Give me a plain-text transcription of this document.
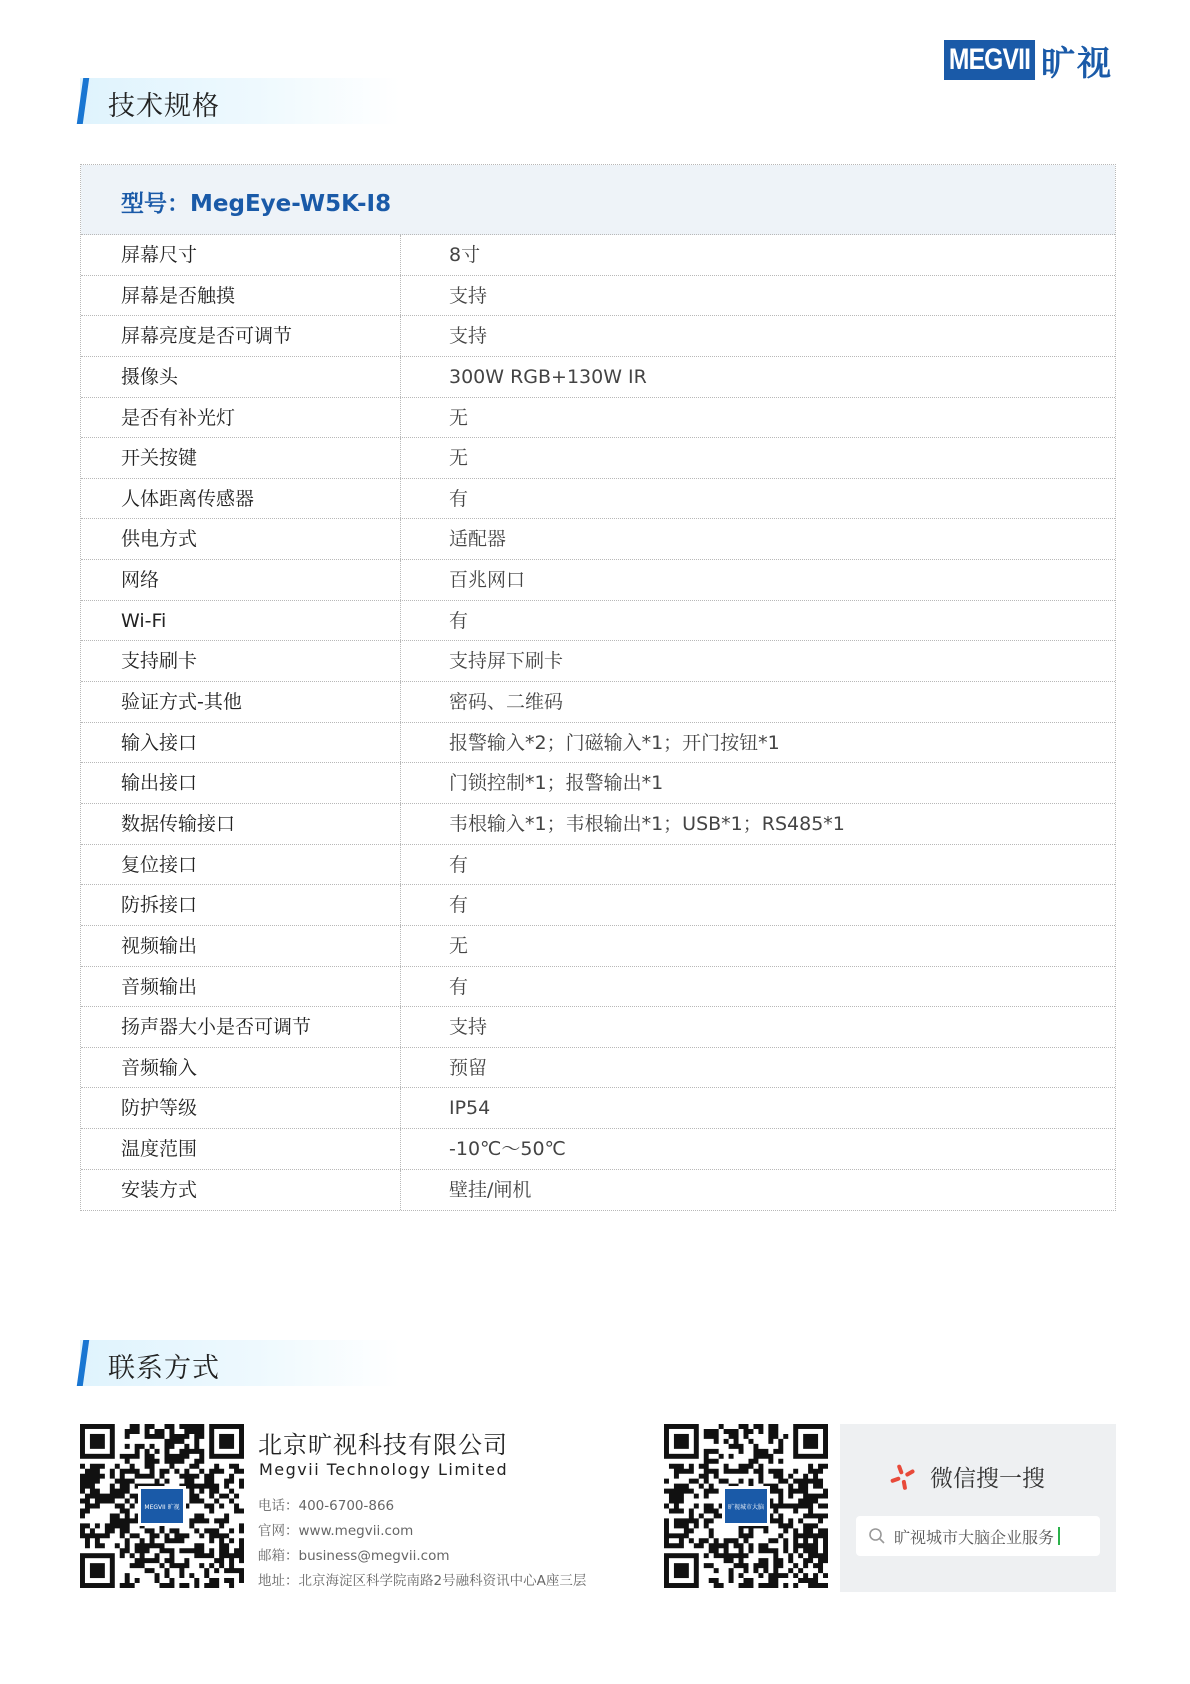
MEGVII 旷视
技术规格
型号：MegEye-W5K-I8
屏幕尺寸	8寸
屏幕是否触摸	支持
屏幕亮度是否可调节	支持
摄像头	300W RGB+130W IR
是否有补光灯	无
开关按键	无
人体距离传感器	有
供电方式	适配器
网络	百兆网口
Wi-Fi	有
支持刷卡	支持屏下刷卡
验证方式-其他	密码、二维码
输入接口	报警输入*2；门磁输入*1；开门按钮*1
输出接口	门锁控制*1；报警输出*1
数据传输接口	韦根输入*1；韦根输出*1；USB*1；RS485*1
复位接口	有
防拆接口	有
视频输出	无
音频输出	有
扬声器大小是否可调节	支持
音频输入	预留
防护等级	IP54
温度范围	-10℃～50℃
安装方式	壁挂/闸机
联系方式
MEGVII 旷视
北京旷视科技有限公司
Megvii Technology Limited
电话：400-6700-866
官网：www.megvii.com
邮箱：business@megvii.com
地址：北京海淀区科学院南路2号融科资讯中心A座三层
旷视城市大脑
微信搜一搜
旷视城市大脑企业服务
